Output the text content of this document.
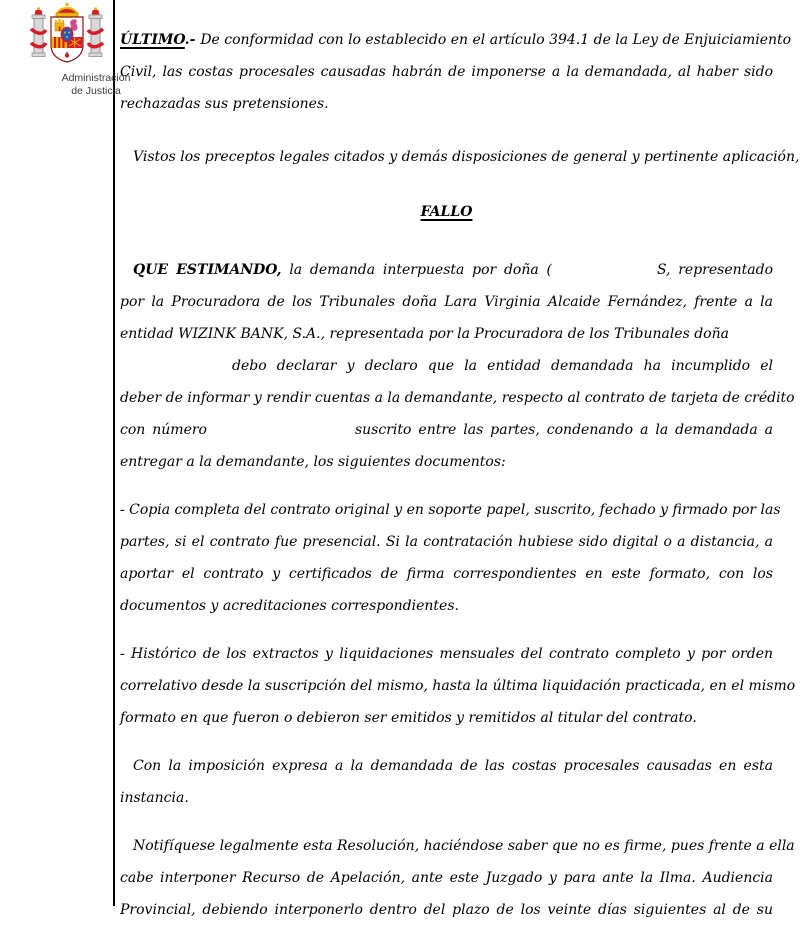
Administración
de Justicia
ÚLTIMO.- De conformidad con lo establecido en el artículo 394.1 de la Ley de Enjuiciamiento
Civil, las costas procesales causadas habrán de imponerse a la demandada, al haber sido
rechazadas sus pretensiones.
Vistos los preceptos legales citados y demás disposiciones de general y pertinente aplicación,
FALLO
QUE ESTIMANDO, la demanda interpuesta por doña (	S, representado
por la Procuradora de los Tribunales doña Lara Virginia Alcaide Fernández, frente a la
entidad WIZINK BANK, S.A., representada por la Procuradora de los Tribunales doña
debo declarar y declaro que la entidad demandada ha incumplido el
deber de informar y rendir cuentas a la demandante, respecto al contrato de tarjeta de crédito
con número	suscrito entre las partes, condenando a la demandada a
entregar a la demandante, los siguientes documentos:
- Copia completa del contrato original y en soporte papel, suscrito, fechado y firmado por las
partes, si el contrato fue presencial. Si la contratación hubiese sido digital o a distancia, a
aportar el contrato y certificados de firma correspondientes en este formato, con los
documentos y acreditaciones correspondientes.
- Histórico de los extractos y liquidaciones mensuales del contrato completo y por orden
correlativo desde la suscripción del mismo, hasta la última liquidación practicada, en el mismo
formato en que fueron o debieron ser emitidos y remitidos al titular del contrato.
Con la imposición expresa a la demandada de las costas procesales causadas en esta
instancia.
Notifíquese legalmente esta Resolución, haciéndose saber que no es firme, pues frente a ella
cabe interponer Recurso de Apelación, ante este Juzgado y para ante la Ilma. Audiencia
Provincial, debiendo interponerlo dentro del plazo de los veinte días siguientes al de su
